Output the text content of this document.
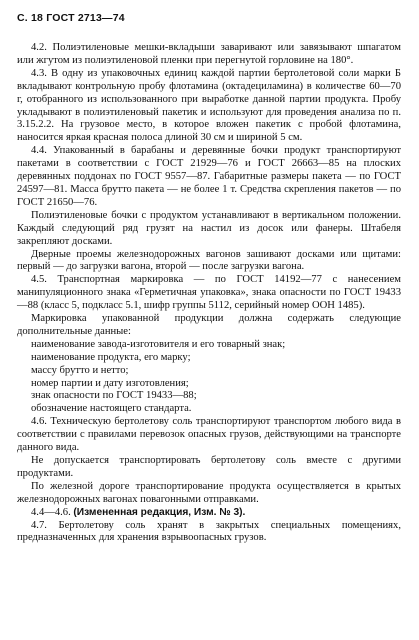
С. 18 ГОСТ 2713—74

4.2. Полиэтиленовые мешки-вкладыши заваривают или завязывают шпагатом или жгутом из полиэтиленовой пленки при перегнутой горловине на 180°.

4.3. В одну из упаковочных единиц каждой партии бертолетовой соли марки Б вкладывают контрольную пробу флотамина (октадециламина) в количестве 60—70 г, отобранного из использованного при выработке данной партии продукта. Пробу укладывают в полиэтиленовый пакетик и используют для проведения анализа по п. 3.15.2.2. На грузовое место, в которое вложен пакетик с пробой флотамина, наносится яркая красная полоса длиной 30 см и шириной 5 см.

4.4. Упакованный в барабаны и деревянные бочки продукт транспортируют пакетами в соответствии с ГОСТ 21929—76 и ГОСТ 26663—85 на плоских деревянных поддонах по ГОСТ 9557—87. Габаритные размеры пакета — по ГОСТ 24597—81. Масса брутто пакета — не более 1 т. Средства скрепления пакетов — по ГОСТ 21650—76.

Полиэтиленовые бочки с продуктом устанавливают в вертикальном положении. Каждый следующий ряд грузят на настил из досок или фанеры. Штабеля закрепляют досками.

Дверные проемы железнодорожных вагонов зашивают досками или щитами: первый — до загрузки вагона, второй — после загрузки вагона.

4.5. Транспортная маркировка — по ГОСТ 14192—77 с нанесением манипуляционного знака «Герметичная упаковка», знака опасности по ГОСТ 19433—88 (класс 5, подкласс 5.1, шифр группы 5112, серийный номер ООН 1485).

Маркировка упакованной продукции должна содержать следующие дополнительные данные:

наименование завода-изготовителя и его товарный знак;
наименование продукта, его марку;
массу брутто и нетто;
номер партии и дату изготовления;
знак опасности по ГОСТ 19433—88;
обозначение настоящего стандарта.

4.6. Техническую бертолетову соль транспортируют транспортом любого вида в соответствии с правилами перевозок опасных грузов, действующими на транспорте данного вида.

Не допускается транспортировать бертолетову соль вместе с другими продуктами.

По железной дороге транспортирование продукта осуществляется в крытых железнодорожных вагонах повагонными отправками.

4.4—4.6. (Измененная редакция, Изм. № 3).

4.7. Бертолетову соль хранят в закрытых специальных помещениях, предназначенных для хранения взрывоопасных грузов.
